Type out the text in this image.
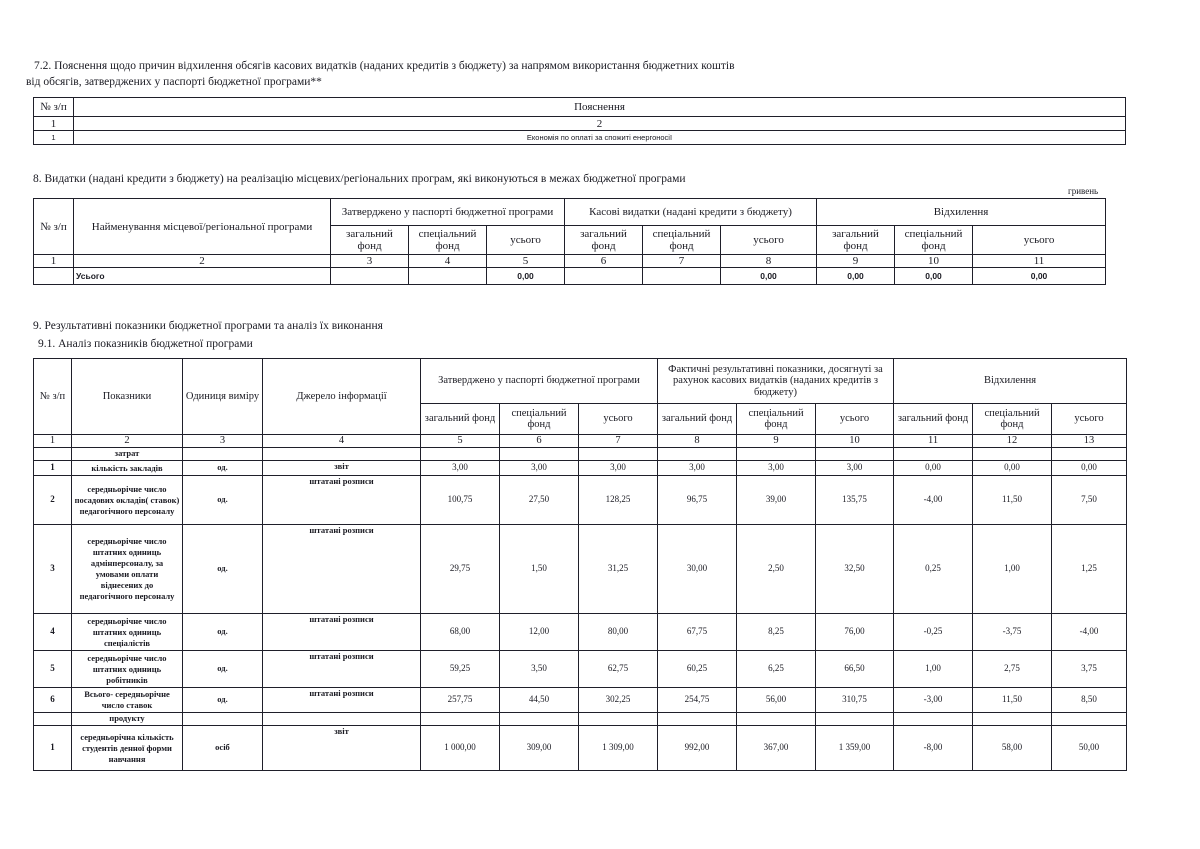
7.2. Пояснення щодо причин відхилення обсягів касових видатків (наданих кредитів з бюджету) за напрямом використання бюджетних коштів
від обсягів, затверджених у паспорті бюджетної програми**
№ з/п	Пояснення
1	2
1	Економія по оплаті за спожиті енергоносії
8. Видатки (надані кредити з бюджету) на реалізацію місцевих/регіональних програм, які виконуються в межах бюджетної програми
гривень
№ з/п	Найменування місцевої/регіональної програми	Затверджено у паспорті бюджетної програми			Касові видатки (надані кредити з бюджету)			Відхилення		
		загальний фонд	спеціальний фонд	усього	загальний фонд	спеціальний фонд	усього	загальний фонд	спеціальний фонд	усього
1	2	3	4	5	6	7	8	9	10	11
	Усього			0,00			0,00	0,00	0,00	0,00
9. Результативні показники бюджетної програми та аналіз їх виконання
9.1. Аналіз показників бюджетної програми
№ з/п	Показники	Одиниця виміру	Джерело інформації	Затверджено у паспорті бюджетної програми			Фактичні результативні показники, досягнуті за рахунок касових видатків (наданих кредитів з бюджету)			Відхилення		
				загальний фонд	спеціальний фонд	усього	загальний фонд	спеціальний фонд	усього	загальний фонд	спеціальний фонд	усього
1	2	3	4	5	6	7	8	9	10	11	12	13
	затрат											
1	кількість закладів	од.	звіт	3,00	3,00	3,00	3,00	3,00	3,00	0,00	0,00	0,00
2	середньорічне число посадових окладів( ставок) педагогічного персоналу	од.	штатані розписи	100,75	27,50	128,25	96,75	39,00	135,75	-4,00	11,50	7,50
3	середньорічне число штатних одиниць адмінперсоналу, за умовами оплати віднесених до педагогічного персоналу	од.	штатані розписи	29,75	1,50	31,25	30,00	2,50	32,50	0,25	1,00	1,25
4	середньорічне число штатних одиниць спеціалістів	од.	штатані розписи	68,00	12,00	80,00	67,75	8,25	76,00	-0,25	-3,75	-4,00
5	середньорічне число штатних одиниць робітників	од.	штатані розписи	59,25	3,50	62,75	60,25	6,25	66,50	1,00	2,75	3,75
6	Всього- середньорічне число ставок	од.	штатані розписи	257,75	44,50	302,25	254,75	56,00	310,75	-3,00	11,50	8,50
	продукту											
1	середньорічна кількість студентів денної форми навчання	осіб	звіт	1 000,00	309,00	1 309,00	992,00	367,00	1 359,00	-8,00	58,00	50,00
